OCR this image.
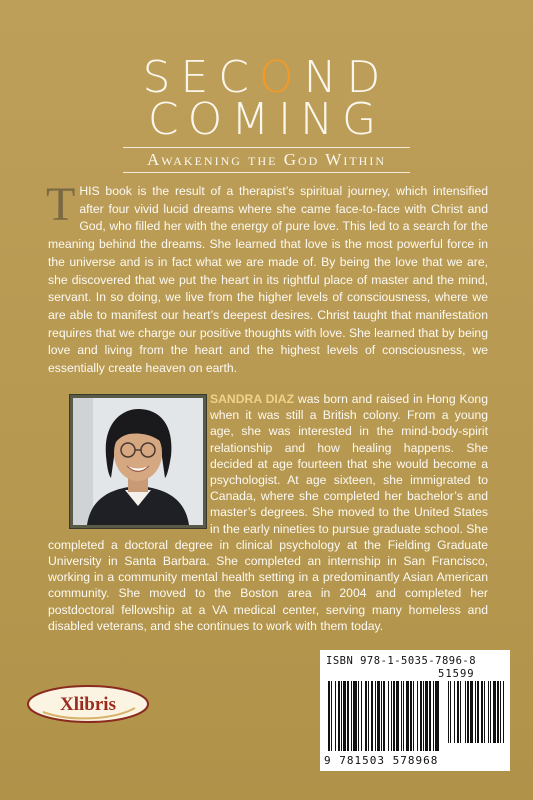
SECOND
COMING
Awakening the God Within
THIS book is the result of a therapist’s spiritual journey, which intensified after four vivid lucid dreams where she came face-to-face with Christ and God, who filled her with the energy of pure love. This led to a search for the meaning behind the dreams. She learned that love is the most powerful force in the universe and is in fact what we are made of. By being the love that we are, she discovered that we put the heart in its rightful place of master and the mind, servant. In so doing, we live from the higher levels of consciousness, where we are able to manifest our heart’s deepest desires. Christ taught that manifestation requires that we charge our positive thoughts with love. She learned that by being love and living from the heart and the highest levels of consciousness, we essentially create heaven on earth.
SANDRA DIAZ was born and raised in Hong Kong when it was still a British colony. From a young age, she was interested in the mind-body-spirit relationship and how healing happens. She decided at age fourteen that she would become a psychologist. At age sixteen, she immigrated to Canada, where she completed her bachelor’s and master’s degrees. She moved to the United States in the early nineties to pursue graduate school. She completed a doctoral degree in clinical psychology at the Fielding Graduate University in Santa Barbara. She completed an internship in San Francisco, working in a community mental health setting in a predominantly Asian American community. She moved to the Boston area in 2004 and completed her postdoctoral fellowship at a VA medical center, serving many homeless and disabled veterans, and she continues to work with them today.
ISBN 978-1-5035-7896-8
51599
9 781503 578968
Xlibris
